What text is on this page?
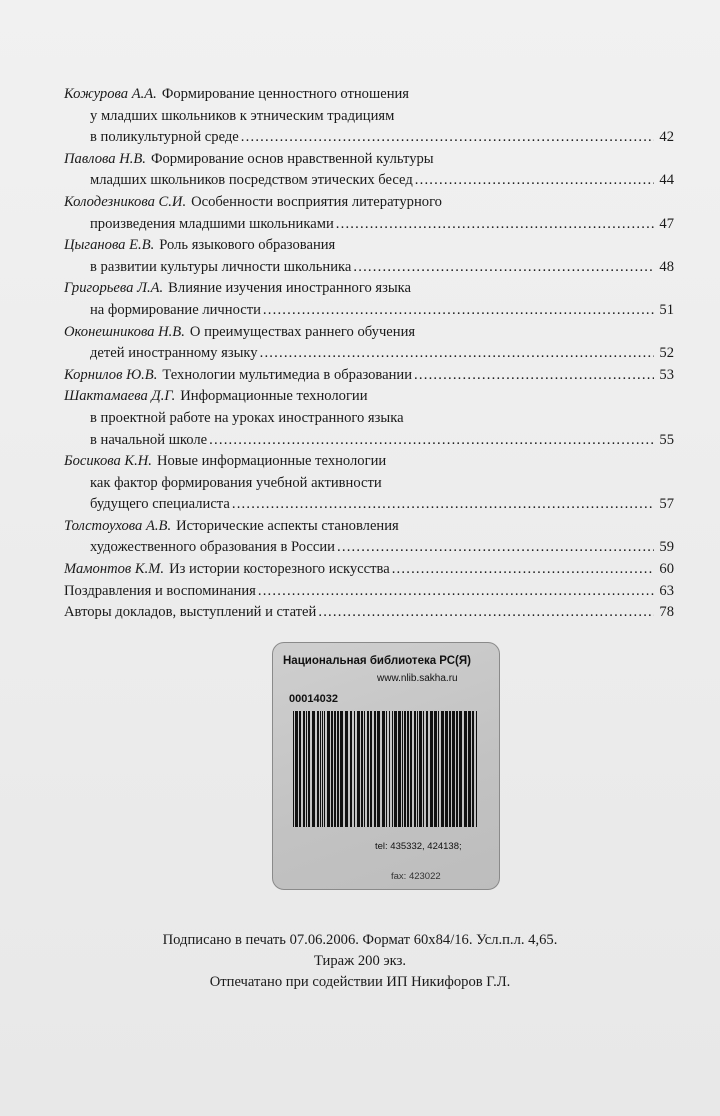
Кожурова А.А. Формирование ценностного отношения
у младших школьников к этническим традициям
в поликультурной среде .....	42
Павлова Н.В. Формирование основ нравственной культуры
младших школьников посредством этических бесед .....	44
Колодезникова С.И. Особенности восприятия литературного
произведения младшими школьниками .....	47
Цыганова Е.В. Роль языкового образования
в развитии культуры личности школьника .....	48
Григорьева Л.А. Влияние изучения иностранного языка
на формирование личности .....	51
Оконешникова Н.В. О преимуществах раннего обучения
детей иностранному языку .....	52
Корнилов Ю.В. Технологии мультимедиа в образовании .....	53
Шактамаева Д.Г. Информационные технологии
в проектной работе на уроках иностранного языка
в начальной школе .....	55
Босикова К.Н. Новые информационные технологии
как фактор формирования учебной активности
будущего специалиста .....	57
Толстоухова А.В. Исторические аспекты становления
художественного образования в России .....	59
Мамонтов К.М. Из истории косторезного искусства .....	60
Поздравления и воспоминания .....	63
Авторы докладов, выступлений и статей .....	78
Национальная библиотека РС(Я)
www.nlib.sakha.ru
00014032
tel: 435332, 424138;
fax: 423022
Подписано в печать 07.06.2006. Формат 60x84/16. Усл.п.л. 4,65.
Тираж 200 экз.
Отпечатано при содействии ИП Никифоров Г.Л.
